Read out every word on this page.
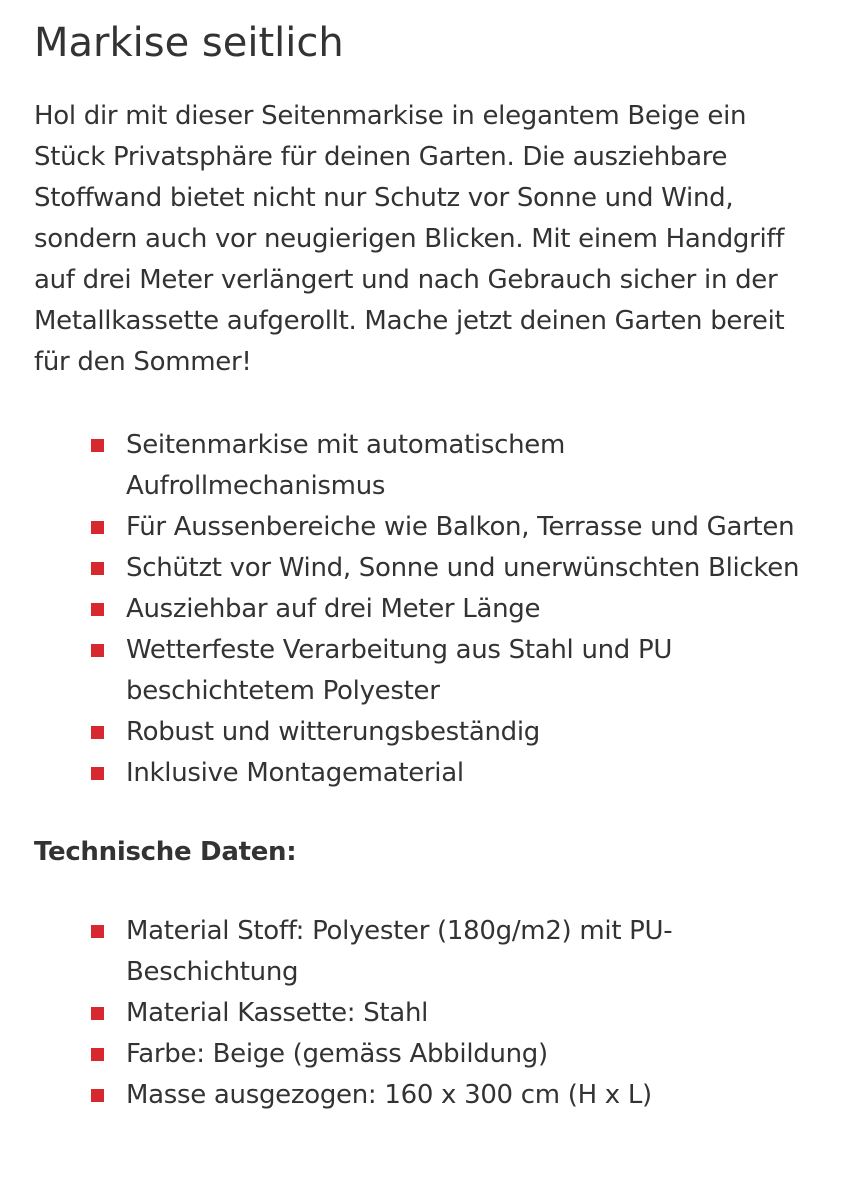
Markise seitlich

Hol dir mit dieser Seitenmarkise in elegantem Beige ein Stück Privatsphäre für deinen Garten. Die ausziehbare Stoffwand bietet nicht nur Schutz vor Sonne und Wind, sondern auch vor neugierigen Blicken. Mit einem Handgriff auf drei Meter verlängert und nach Gebrauch sicher in der Metallkassette aufgerollt. Mache jetzt deinen Garten bereit für den Sommer!

Seitenmarkise mit automatischem Aufrollmechanismus
Für Aussenbereiche wie Balkon, Terrasse und Garten
Schützt vor Wind, Sonne und unerwünschten Blicken
Ausziehbar auf drei Meter Länge
Wetterfeste Verarbeitung aus Stahl und PU beschichtetem Polyester
Robust und witterungsbeständig
Inklusive Montagematerial
Technische Daten:
Material Stoff: Polyester (180g/m2) mit PU-Beschichtung
Material Kassette: Stahl
Farbe: Beige (gemäss Abbildung)
Masse ausgezogen: 160 x 300 cm (H x L)
